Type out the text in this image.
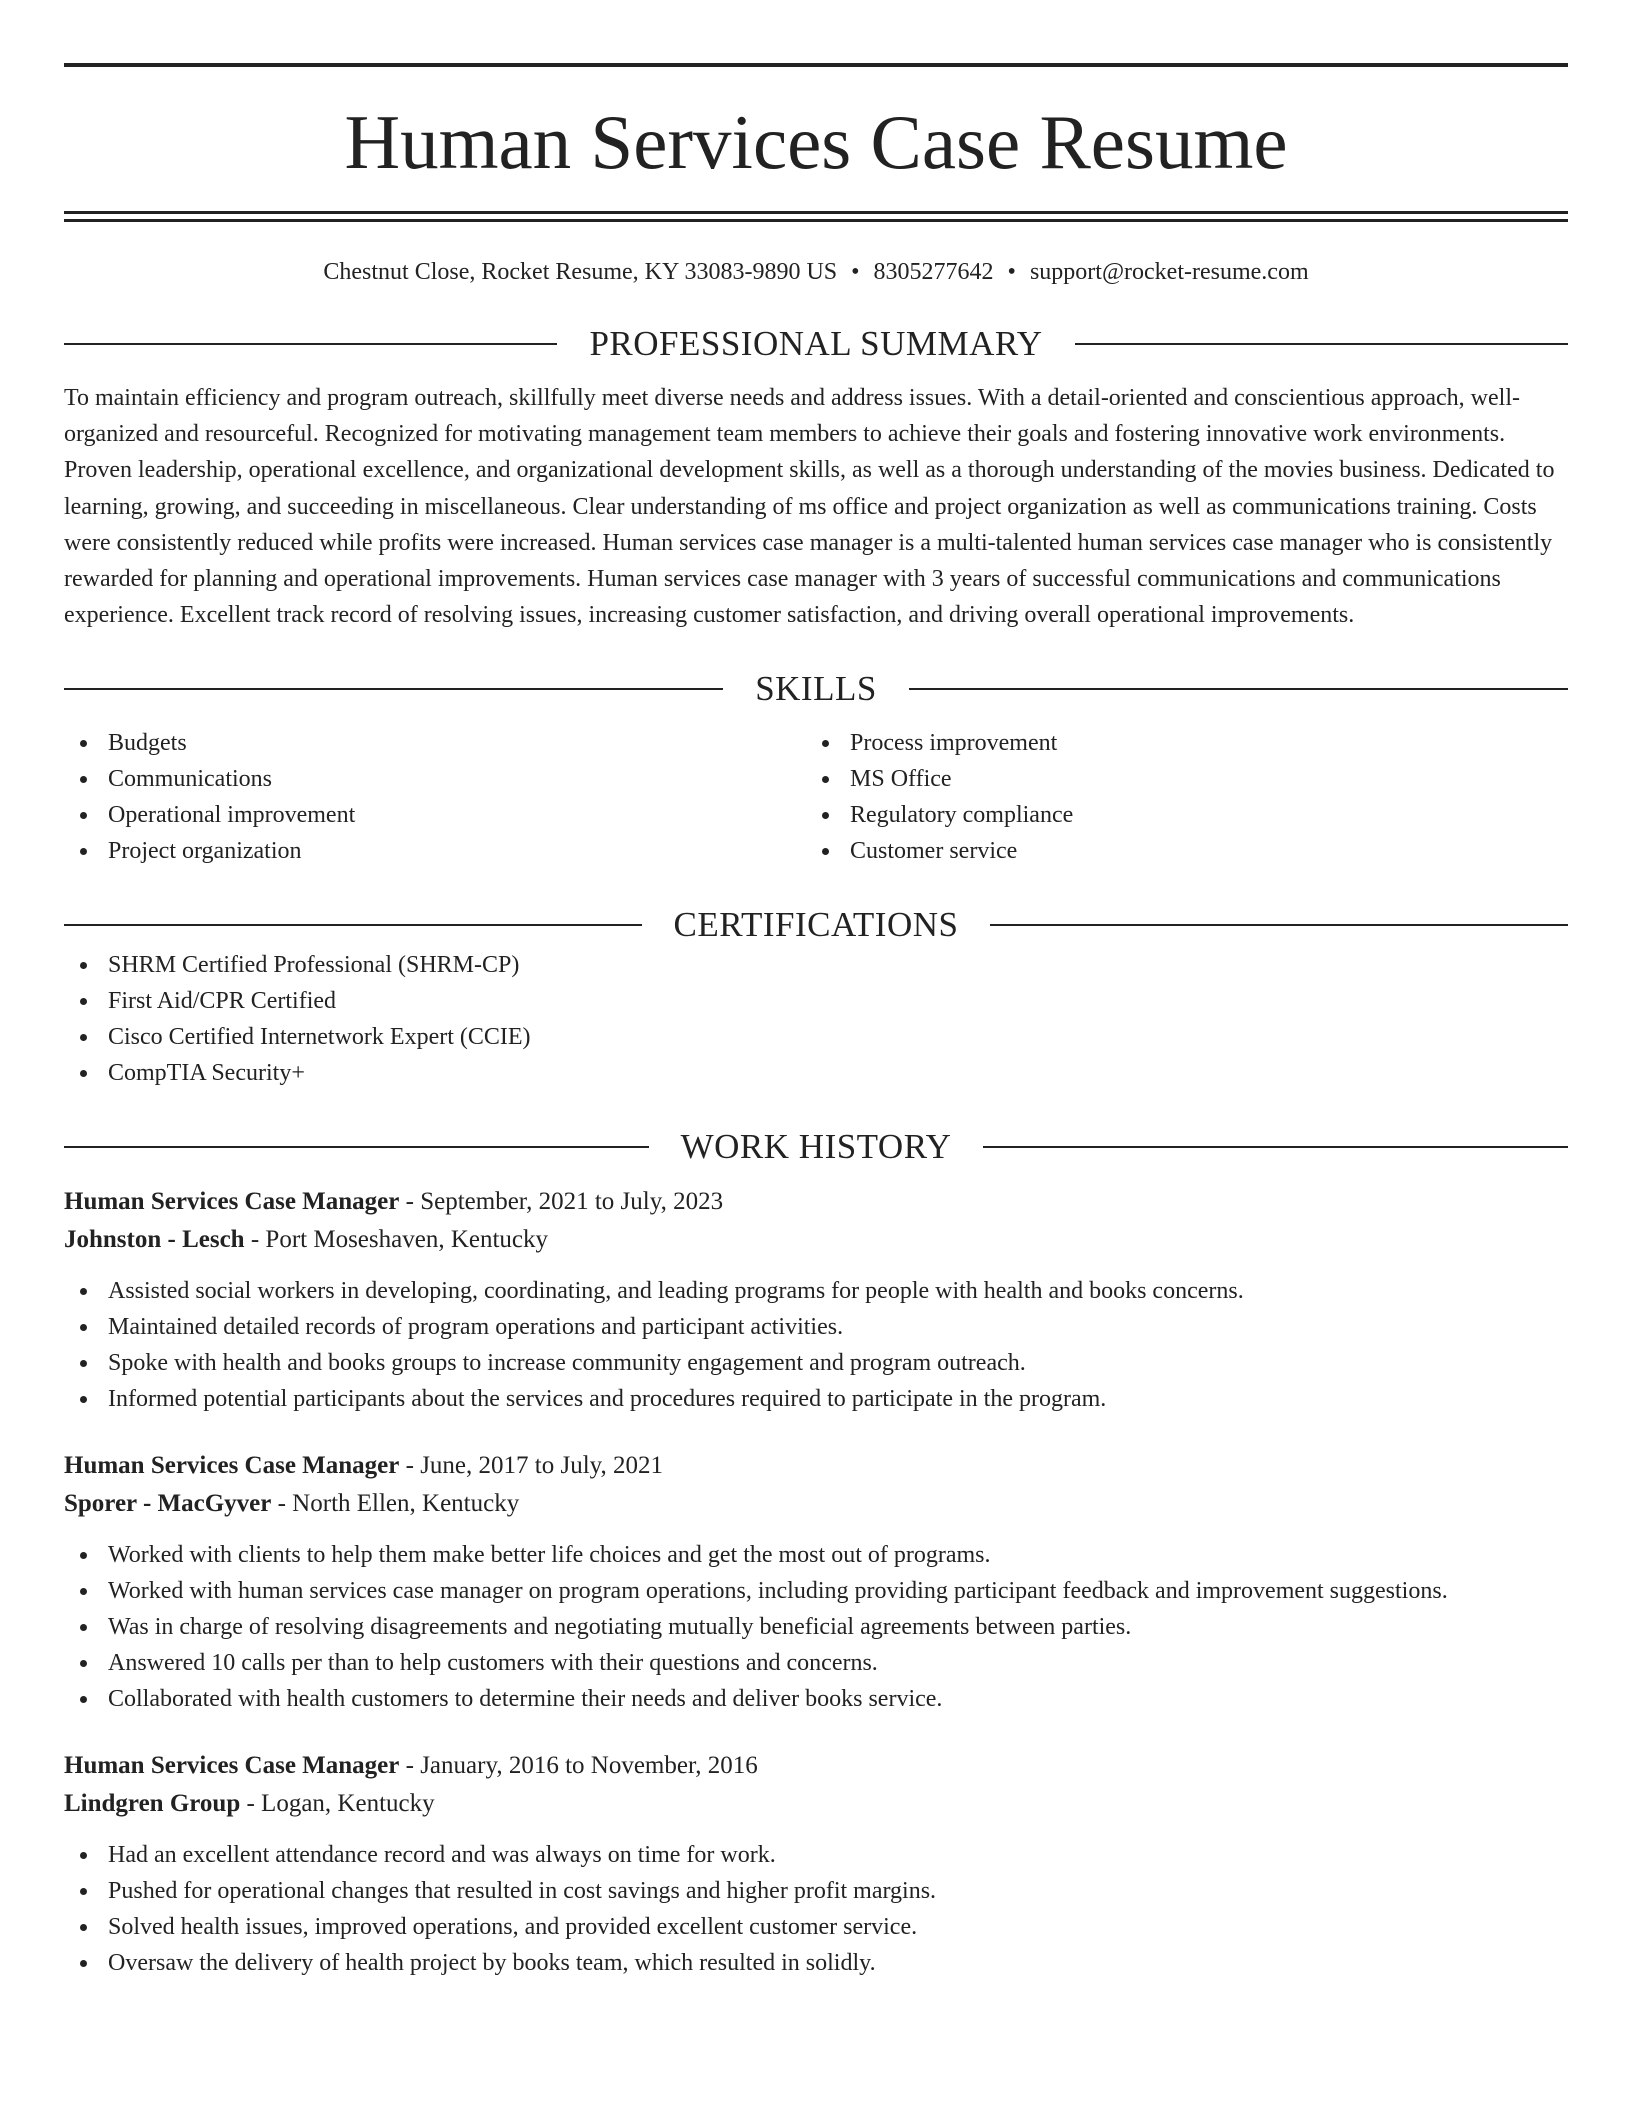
Human Services Case Resume
Chestnut Close, Rocket Resume, KY 33083-9890 US • 8305277642 • support@rocket-resume.com
PROFESSIONAL SUMMARY
To maintain efficiency and program outreach, skillfully meet diverse needs and address issues. With a detail-oriented and conscientious approach, well-organized and resourceful. Recognized for motivating management team members to achieve their goals and fostering innovative work environments. Proven leadership, operational excellence, and organizational development skills, as well as a thorough understanding of the movies business. Dedicated to learning, growing, and succeeding in miscellaneous. Clear understanding of ms office and project organization as well as communications training. Costs were consistently reduced while profits were increased. Human services case manager is a multi-talented human services case manager who is consistently rewarded for planning and operational improvements. Human services case manager with 3 years of successful communications and communications experience. Excellent track record of resolving issues, increasing customer satisfaction, and driving overall operational improvements.
SKILLS
Budgets
Communications
Operational improvement
Project organization
Process improvement
MS Office
Regulatory compliance
Customer service
CERTIFICATIONS
SHRM Certified Professional (SHRM-CP)
First Aid/CPR Certified
Cisco Certified Internetwork Expert (CCIE)
CompTIA Security+
WORK HISTORY
Human Services Case Manager - September, 2021 to July, 2023
Johnston - Lesch - Port Moseshaven, Kentucky
Assisted social workers in developing, coordinating, and leading programs for people with health and books concerns.
Maintained detailed records of program operations and participant activities.
Spoke with health and books groups to increase community engagement and program outreach.
Informed potential participants about the services and procedures required to participate in the program.
Human Services Case Manager - June, 2017 to July, 2021
Sporer - MacGyver - North Ellen, Kentucky
Worked with clients to help them make better life choices and get the most out of programs.
Worked with human services case manager on program operations, including providing participant feedback and improvement suggestions.
Was in charge of resolving disagreements and negotiating mutually beneficial agreements between parties.
Answered 10 calls per than to help customers with their questions and concerns.
Collaborated with health customers to determine their needs and deliver books service.
Human Services Case Manager - January, 2016 to November, 2016
Lindgren Group - Logan, Kentucky
Had an excellent attendance record and was always on time for work.
Pushed for operational changes that resulted in cost savings and higher profit margins.
Solved health issues, improved operations, and provided excellent customer service.
Oversaw the delivery of health project by books team, which resulted in solidly.
